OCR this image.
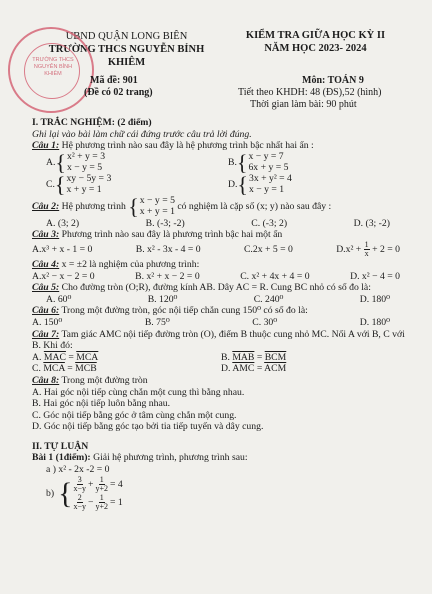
UBND QUẬN LONG BIÊN
TRƯỜNG THCS NGUYỄN BỈNH KHIÊM
KIỂM TRA GIỮA HỌC KỲ II
NĂM HỌC 2023- 2024
TRƯỜNG THCS NGUYỄN BỈNH KHIÊM
Mã đề: 901
(Đề có 02 trang)
Môn: TOÁN 9
Tiết theo KHDH: 48 (ĐS),52 (hình)
Thời gian làm bài: 90 phút
I. TRẮC NGHIỆM: (2 điểm)
Ghi lại vào bài làm chữ cái đứng trước câu trả lời đúng.
Câu 1: Hệ phương trình nào sau đây là hệ phương trình bậc nhất hai ẩn :
A. { x² + y = 3
x − y = 5	B. { x − y = 7
6x + y = 5
C. { xy − 5y = 3
x + y = 1	D. { 3x + y² = 4
x − y = 1
Câu 2: Hệ phương trình { x − y = 5
x + y = 1 có nghiệm là cặp số (x; y) nào sau đây :
A. (3; 2)	B. (-3; -2)	C. (-3; 2)	D. (3; -2)
Câu 3: Phương trình nào sau đây là phương trình bậc hai một ẩn
A.x³ + x - 1 = 0	B. x² - 3x - 4 = 0	C.2x + 5 = 0	$D.x^2 + \frac{1}{x} + 2 = 0$
Câu 4: x = ±2 là nghiệm của phương trình:
A.x² − x − 2 = 0	B. x² + x − 2 = 0	C. x² + 4x + 4 = 0	D. x² − 4 = 0
Câu 5: Cho đường tròn (O;R), đường kính AB. Dây AC = R. Cung BC nhỏ có số đo là:
A. 60⁰	B. 120⁰	C. 240⁰	D. 180⁰
Câu 6: Trong một đường tròn, góc nội tiếp chắn cung 150⁰ có số đo là:
A. 150⁰	B. 75⁰	C. 30⁰	D. 180⁰
Câu 7: Tam giác AMC nội tiếp đường tròn (O), điểm B thuộc cung nhỏ MC. Nối A với B, C với B. Khi đó:
A. $\overline{MAC} = \overline{MCA}$	B. $\overline{MAB} = \overline{BCM}$
C. $\overline{MCA} = \overline{MCB}$	D. $\overline{AMC} = \overline{ACM}$
Câu 8: Trong một đường tròn
A. Hai góc nội tiếp cùng chắn một cung thì bằng nhau.
B. Hai góc nội tiếp luôn bằng nhau.
C. Góc nội tiếp bằng góc ở tâm cùng chắn một cung.
D. Góc nội tiếp bằng góc tạo bởi tia tiếp tuyến và dây cung.
II. TỰ LUẬN
Bài 1 (1điểm): Giải hệ phương trình, phương trình sau:
a ) x² - 2x -2 = 0
b) { $\frac{3}{x-y} + \frac{1}{y+2} = 4$
$\frac{2}{x-y} - \frac{1}{y+2} = 1$
